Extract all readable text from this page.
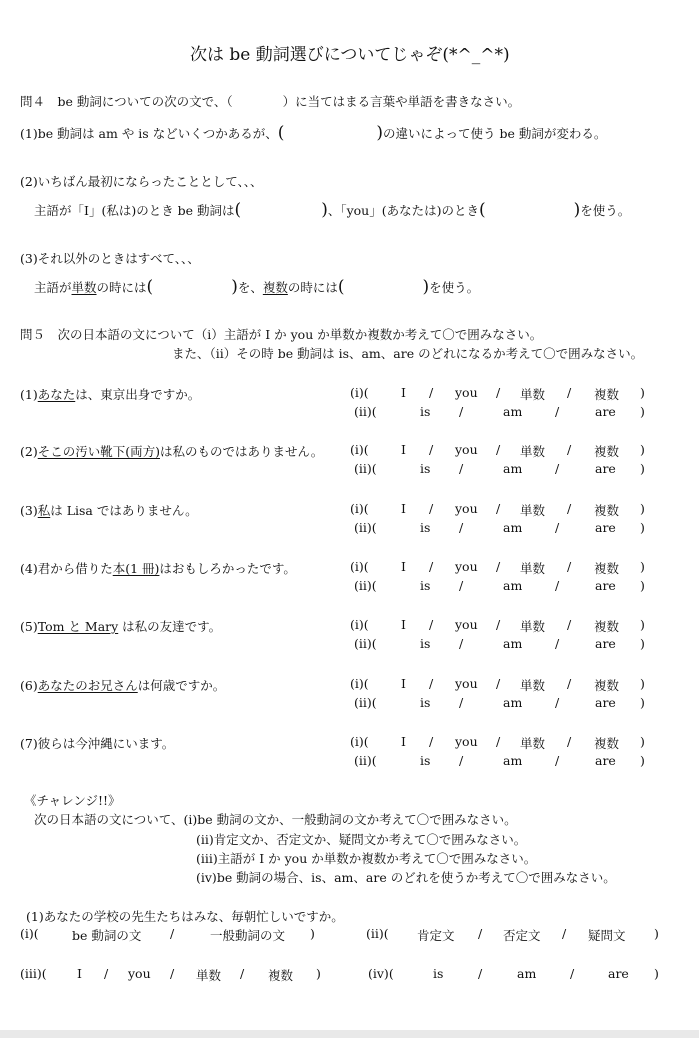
次は be 動詞選びについてじゃぞ(*^_^*)
問４　be 動詞についての次の文で、（　　　　）に当てはまる言葉や単語を書きなさい。
(1)be 動詞は am や is などいくつかあるが、(	)の違いによって使う be 動詞が変わる。
(2)いちばん最初にならったこととして、、、
主語が「I」(私は)のとき be 動詞は(	)、「you」(あなたは)のとき(	)を使う。
(3)それ以外のときはすべて、、、
主語が単数の時には(	)を、複数の時には(	)を使う。
問５　次の日本語の文について（ⅰ）主語が I か you か単数か複数か考えて〇で囲みなさい。
また、（ⅱ）その時 be 動詞は is、am、are のどれになるか考えて〇で囲みなさい。
(1)あなたは、東京出身ですか。	(ⅰ)(	I / you / 単数 / 複数 )
(ⅱ)(	is /	am	/	are )
(2)そこの汚い靴下(両方)は私のものではありません。 (ⅰ)(	I / you / 単数 / 複数 )
(ⅱ)(	is /	am	/	are )
(3)私は Lisa ではありません。	(ⅰ)(	I / you / 単数 / 複数 )
(ⅱ)(	is /	am	/	are )
(4)君から借りた本(1 冊)はおもしろかったです。	(ⅰ)(	I / you / 単数 / 複数 )
(ⅱ)(	is /	am	/	are )
(5)Tom と Mary は私の友達です。	(ⅰ)(	I / you / 単数 / 複数 )
(ⅱ)(	is /	am	/	are )
(6)あなたのお兄さんは何歳ですか。	(ⅰ)(	I / you / 単数 / 複数 )
(ⅱ)(	is /	am	/	are )
(7)彼らは今沖縄にいます。	(ⅰ)(	I / you / 単数 / 複数 )
(ⅱ)(	is /	am	/	are )
《チャレンジ!!》
次の日本語の文について、(ⅰ)be 動詞の文か、一般動詞の文か考えて〇で囲みなさい。
(ⅱ)肯定文か、否定文か、疑問文か考えて〇で囲みなさい。
(ⅲ)主語が I か you か単数か複数か考えて〇で囲みなさい。
(ⅳ)be 動詞の場合、is、am、are のどれを使うか考えて〇で囲みなさい。
(1)あなたの学校の先生たちはみな、毎朝忙しいですか。
(ⅰ)(	be 動詞の文 /	一般動詞の文 )	(ⅱ)( 肯定文 / 否定文 / 疑問文 )
(ⅲ)( I / you / 単数 / 複数 )	(ⅳ)(	is	/	am	/	are )
